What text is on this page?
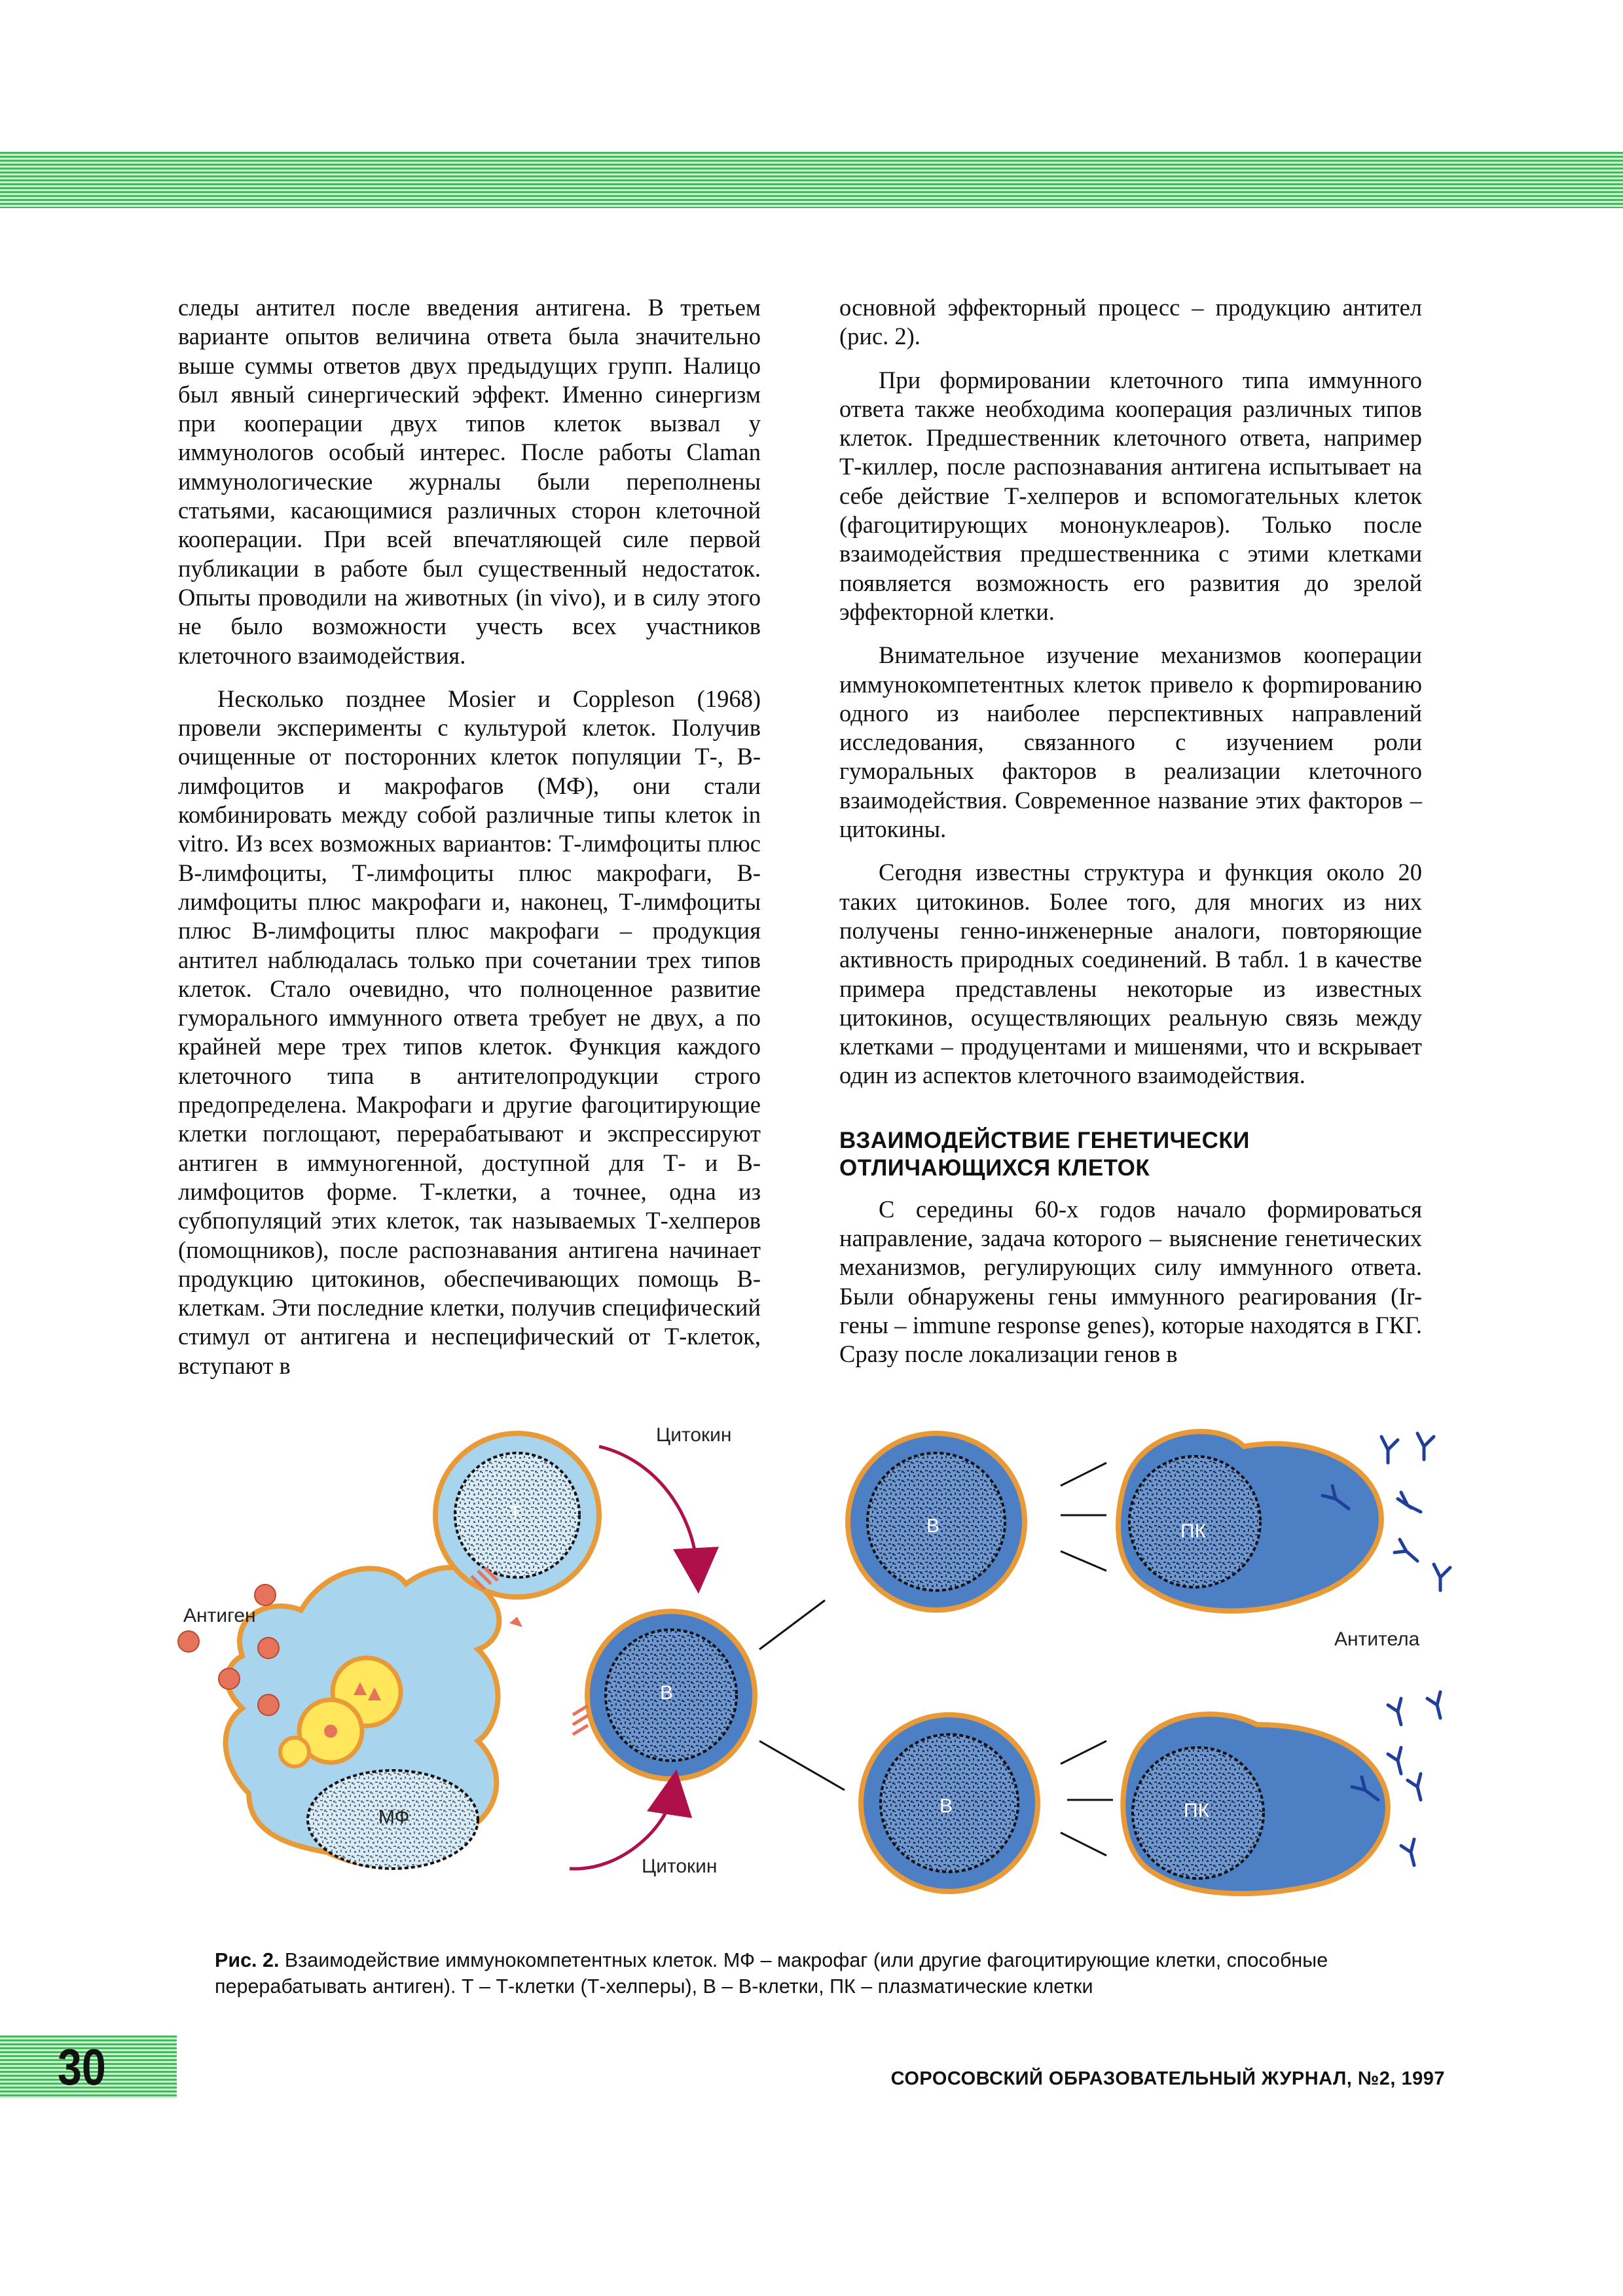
следы антител после введения антигена. В третьем варианте опытов величина ответа была значительно выше суммы ответов двух предыдущих групп. Налицо был явный синергический эффект. Именно синергизм при кооперации двух типов клеток вызвал у иммунологов особый интерес. После работы Claman иммунологические журналы были переполнены статьями, касающимися различных сторон клеточной кооперации. При всей впечатляющей силе первой публикации в работе был существенный недостаток. Опыты проводили на животных (in vivo), и в силу этого не было возможности учесть всех участников клеточного взаимодействия.

Несколько позднее Mosier и Coppleson (1968) провели эксперименты с культурой клеток. Получив очищенные от посторонних клеток популяции Т-, В-лимфоцитов и макрофагов (МФ), они стали комбинировать между собой различные типы клеток in vitro. Из всех возможных вариантов: Т-лимфоциты плюс В-лимфоциты, Т-лимфоциты плюс макрофаги, В-лимфоциты плюс макрофаги и, наконец, Т-лимфоциты плюс В-лимфоциты плюс макрофаги – продукция антител наблюдалась только при сочетании трех типов клеток. Стало очевидно, что полноценное развитие гуморального иммунного ответа требует не двух, а по крайней мере трех типов клеток. Функция каждого клеточного типа в антителопродукции строго предопределена. Макрофаги и другие фагоцитирующие клетки поглощают, перерабатывают и экспрессируют антиген в иммуногенной, доступной для Т- и В- лимфоцитов форме. Т-клетки, а точнее, одна из субпопуляций этих клеток, так называемых Т-хелперов (помощников), после распознавания антигена начинает продукцию цитокинов, обеспечивающих помощь В-клеткам. Эти последние клетки, получив специфический стимул от антигена и неспецифический от Т-клеток, вступают в

основной эффекторный процесс – продукцию антител (рис. 2).

При формировании клеточного типа иммунного ответа также необходима кооперация различных типов клеток. Предшественник клеточного ответа, например Т-киллер, после распознавания антигена испытывает на себе действие Т-хелперов и вспомогательных клеток (фагоцитирующих мононуклеаров). Только после взаимодействия предшественника с этими клетками появляется возможность его развития до зрелой эффекторной клетки.

Внимательное изучение механизмов кооперации иммунокомпетентных клеток привело к форmированию одного из наиболее перспективных направлений исследования, связанного с изучением роли гуморальных факторов в реализации клеточного взаимодействия. Современное название этих факторов – цитокины.

Сегодня известны структура и функция около 20 таких цитокинов. Более того, для многих из них получены генно-инженерные аналоги, повторяющие активность природных соединений. В табл. 1 в качестве примера представлены некоторые из известных цитокинов, осуществляющих реальную связь между клетками – продуцентами и мишенями, что и вскрывает один из аспектов клеточного взаимодействия.

ВЗАИМОДЕЙСТВИЕ ГЕНЕТИЧЕСКИ
ОТЛИЧАЮЩИХСЯ КЛЕТОК

С середины 60-х годов начало формироваться направление, задача которого – выяснение генетических механизмов, регулирующих силу иммунного ответа. Были обнаружены гены иммунного реагирования (Ir-гены – immune response genes), которые находятся в ГКГ. Сразу после локализации генов в

Цитокин
Цитокин
Антиген
Антитела
Т
МФ
В
В
В
ПК
ПК
Рис. 2. Взаимодействие иммунокомпетентных клеток. МФ – макрофаг (или другие фагоцитирующие клетки, способные перерабатывать антиген). Т – Т-клетки (Т-хелперы), В – В-клетки, ПК – плазматические клетки
30	СОРОСОВСКИЙ ОБРАЗОВАТЕЛЬНЫЙ ЖУРНАЛ, №2, 1997
